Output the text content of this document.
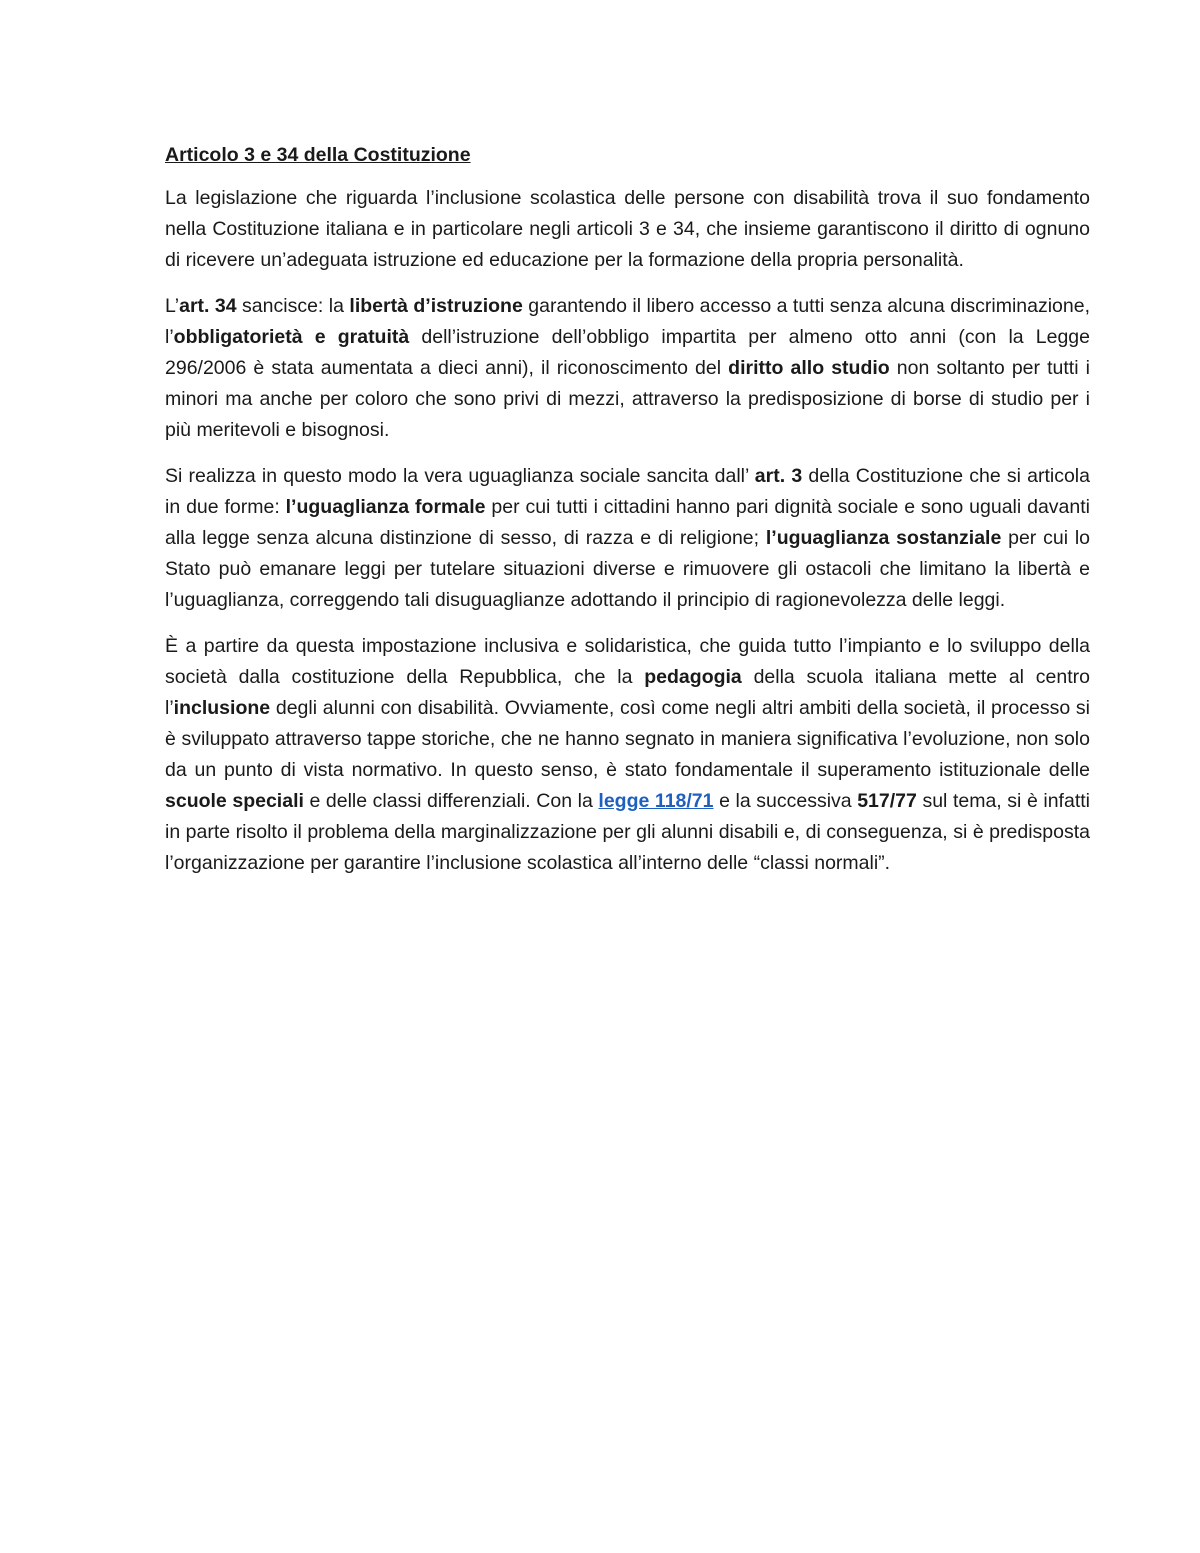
Articolo 3 e 34 della Costituzione

La legislazione che riguarda l’inclusione scolastica delle persone con disabilità trova il suo fondamento nella Costituzione italiana e in particolare negli articoli 3 e 34, che insieme garantiscono il diritto di ognuno di ricevere un’adeguata istruzione ed educazione per la formazione della propria personalità.

L’art. 34 sancisce: la libertà d’istruzione garantendo il libero accesso a tutti senza alcuna discriminazione, l’obbligatorietà e gratuità dell’istruzione dell’obbligo impartita per almeno otto anni (con la Legge 296/2006 è stata aumentata a dieci anni), il riconoscimento del diritto allo studio non soltanto per tutti i minori ma anche per coloro che sono privi di mezzi, attraverso la predisposizione di borse di studio per i più meritevoli e bisognosi.

Si realizza in questo modo la vera uguaglianza sociale sancita dall’ art. 3 della Costituzione che si articola in due forme: l’uguaglianza formale per cui tutti i cittadini hanno pari dignità sociale e sono uguali davanti alla legge senza alcuna distinzione di sesso, di razza e di religione; l’uguaglianza sostanziale per cui lo Stato può emanare leggi per tutelare situazioni diverse e rimuovere gli ostacoli che limitano la libertà e l’uguaglianza, correggendo tali disuguaglianze adottando il principio di ragionevolezza delle leggi.

È a partire da questa impostazione inclusiva e solidaristica, che guida tutto l’impianto e lo sviluppo della società dalla costituzione della Repubblica, che la pedagogia della scuola italiana mette al centro l’inclusione degli alunni con disabilità. Ovviamente, così come negli altri ambiti della società, il processo si è sviluppato attraverso tappe storiche, che ne hanno segnato in maniera significativa l’evoluzione, non solo da un punto di vista normativo. In questo senso, è stato fondamentale il superamento istituzionale delle scuole speciali e delle classi differenziali. Con la legge 118/71 e la successiva 517/77 sul tema, si è infatti in parte risolto il problema della marginalizzazione per gli alunni disabili e, di conseguenza, si è predisposta l’organizzazione per garantire l’inclusione scolastica all’interno delle “classi normali”.
